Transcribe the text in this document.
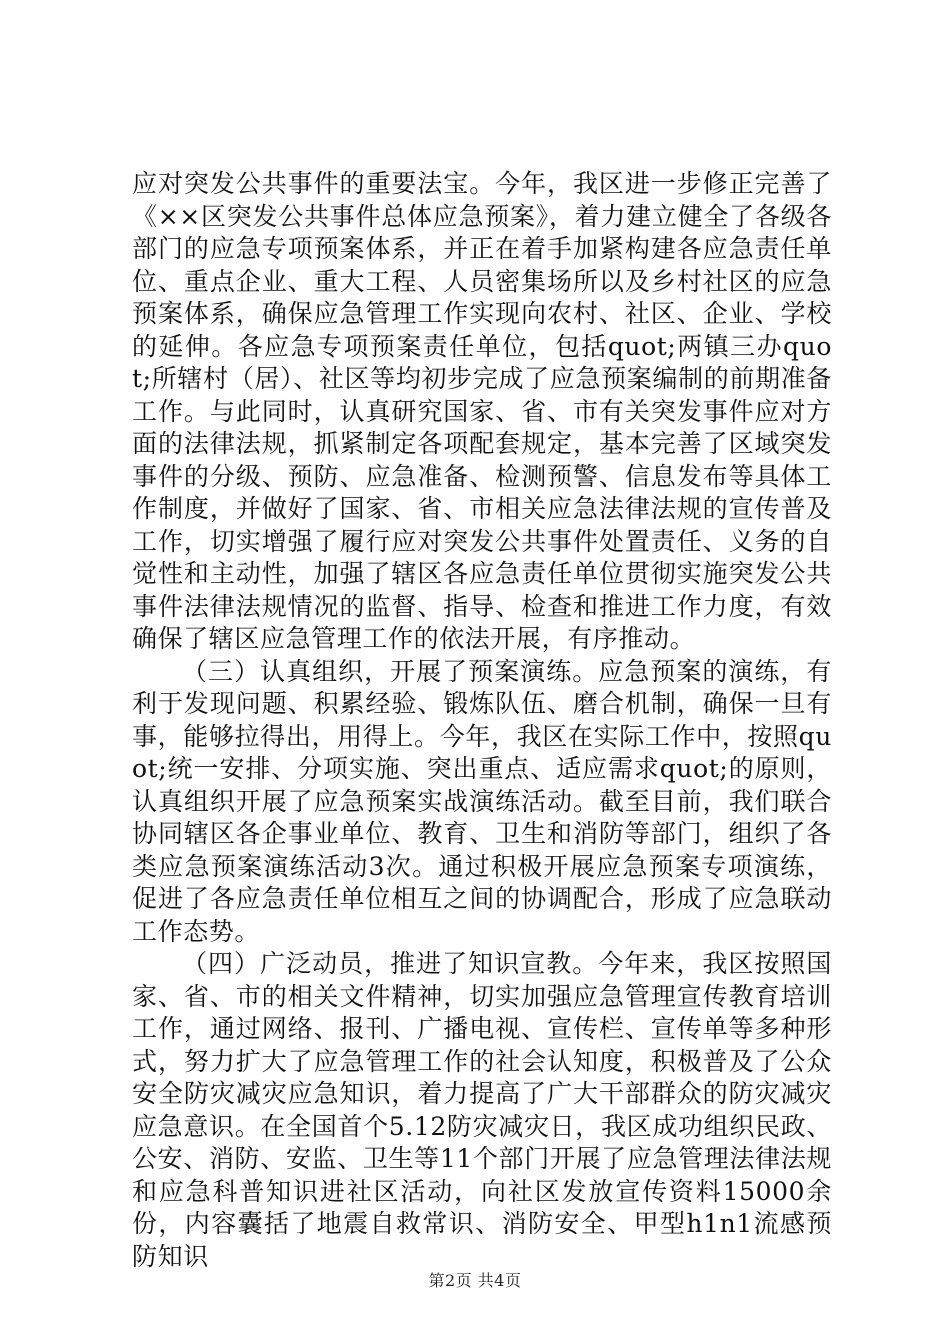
应对突发公共事件的重要法宝。今年，我区进一步修正完善了《××区突发公共事件总体应急预案》，着力建立健全了各级各部门的应急专项预案体系，并正在着手加紧构建各应急责任单位、重点企业、重大工程、人员密集场所以及乡村社区的应急预案体系，确保应急管理工作实现向农村、社区、企业、学校的延伸。各应急专项预案责任单位，包括quot;两镇三办quot;所辖村（居）、社区等均初步完成了应急预案编制的前期准备工作。与此同时，认真研究国家、省、市有关突发事件应对方面的法律法规，抓紧制定各项配套规定，基本完善了区域突发事件的分级、预防、应急准备、检测预警、信息发布等具体工作制度，并做好了国家、省、市相关应急法律法规的宣传普及工作，切实增强了履行应对突发公共事件处置责任、义务的自觉性和主动性，加强了辖区各应急责任单位贯彻实施突发公共事件法律法规情况的监督、指导、检查和推进工作力度，有效确保了辖区应急管理工作的依法开展，有序推动。

（三）认真组织，开展了预案演练。应急预案的演练，有利于发现问题、积累经验、锻炼队伍、磨合机制，确保一旦有事，能够拉得出，用得上。今年，我区在实际工作中，按照quot;统一安排、分项实施、突出重点、适应需求quot;的原则，认真组织开展了应急预案实战演练活动。截至目前，我们联合协同辖区各企事业单位、教育、卫生和消防等部门，组织了各类应急预案演练活动3次。通过积极开展应急预案专项演练，促进了各应急责任单位相互之间的协调配合，形成了应急联动工作态势。

（四）广泛动员，推进了知识宣教。今年来，我区按照国家、省、市的相关文件精神，切实加强应急管理宣传教育培训工作，通过网络、报刊、广播电视、宣传栏、宣传单等多种形式，努力扩大了应急管理工作的社会认知度，积极普及了公众安全防灾减灾应急知识，着力提高了广大干部群众的防灾减灾应急意识。在全国首个5.12防灾减灾日，我区成功组织民政、公安、消防、安监、卫生等11个部门开展了应急管理法律法规和应急科普知识进社区活动，向社区发放宣传资料15000余份，内容囊括了地震自救常识、消防安全、甲型h1n1流感预防知识

第2页 共4页
